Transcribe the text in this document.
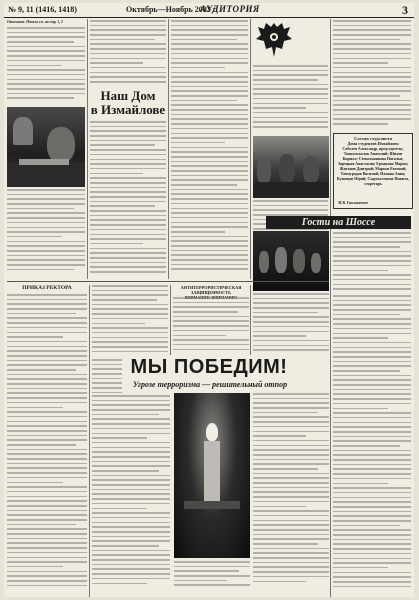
№ 9, 11 (1416, 1418)	Октябрь—Ноябрь 2003 г.
АУДИТОРИЯ	3
Окончание. Начало см. на стр. 1, 2
Наш Дом
в Измайлове
Состав студсовета
Дома студентов Измайлово
Соболев Александр, председатель; Тонкоголосюк Анатолий; Шилов Кирилл; Стекольникова Наталья; Зарецкая Анастасия; Ермакова Мария; Жиганов Дмитрий; Марков Евгений; Тачмурадов Василий; Ильина Анна; Кузнецов Юрий; Сырокосенков Никита, секретарь
Гости на Шоссе
ПРИКАЗ РЕКТОРА	АНТИТЕРРОРИСТИЧЕСКАЯ ЗАЩИЩЕННОСТЬ
МЫ ПОБЕДИМ!
Угрозе терроризма — решительный отпор
М.В. Гнилякеевич
